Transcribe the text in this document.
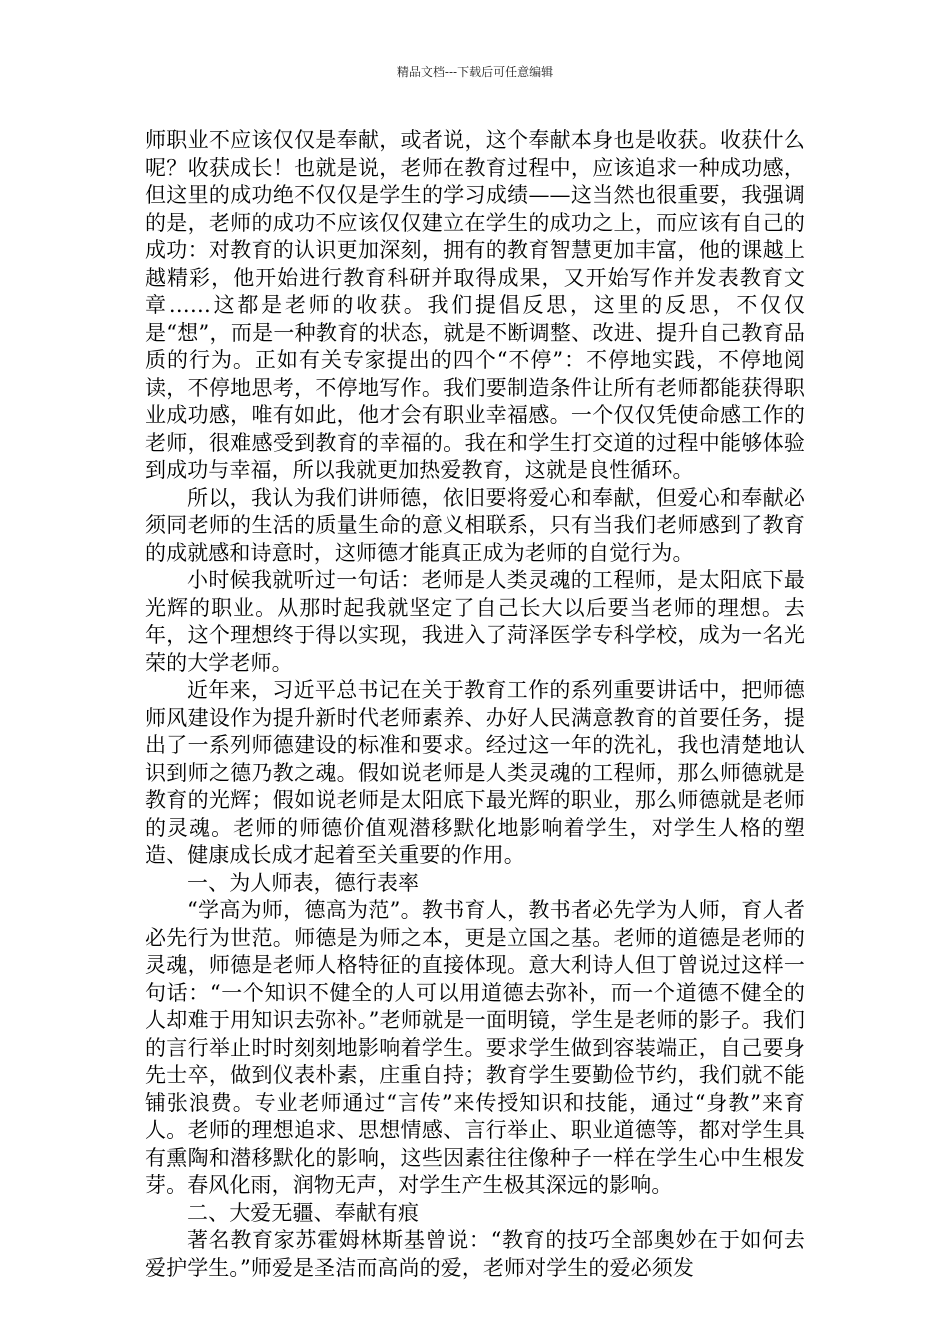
精品文档---下载后可任意编辑

师职业不应该仅仅是奉献，或者说，这个奉献本身也是收获。收获什么呢？收获成长！也就是说，老师在教育过程中，应该追求一种成功感，但这里的成功绝不仅仅是学生的学习成绩——这当然也很重要，我强调的是，老师的成功不应该仅仅建立在学生的成功之上，而应该有自己的成功：对教育的认识更加深刻，拥有的教育智慧更加丰富，他的课越上越精彩，他开始进行教育科研并取得成果，又开始写作并发表教育文章……这都是老师的收获。我们提倡反思，这里的反思，不仅仅是“想”，而是一种教育的状态，就是不断调整、改进、提升自己教育品质的行为。正如有关专家提出的四个“不停”：不停地实践，不停地阅读，不停地思考，不停地写作。我们要制造条件让所有老师都能获得职业成功感，唯有如此，他才会有职业幸福感。一个仅仅凭使命感工作的老师，很难感受到教育的幸福的。我在和学生打交道的过程中能够体验到成功与幸福，所以我就更加热爱教育，这就是良性循环。

所以，我认为我们讲师德，依旧要将爱心和奉献，但爱心和奉献必须同老师的生活的质量生命的意义相联系，只有当我们老师感到了教育的成就感和诗意时，这师德才能真正成为老师的自觉行为。

小时候我就听过一句话：老师是人类灵魂的工程师，是太阳底下最光辉的职业。从那时起我就坚定了自己长大以后要当老师的理想。去年，这个理想终于得以实现，我进入了菏泽医学专科学校，成为一名光荣的大学老师。

近年来，习近平总书记在关于教育工作的系列重要讲话中，把师德师风建设作为提升新时代老师素养、办好人民满意教育的首要任务，提出了一系列师德建设的标准和要求。经过这一年的洗礼，我也清楚地认识到师之德乃教之魂。假如说老师是人类灵魂的工程师，那么师德就是教育的光辉；假如说老师是太阳底下最光辉的职业，那么师德就是老师的灵魂。老师的师德价值观潜移默化地影响着学生，对学生人格的塑造、健康成长成才起着至关重要的作用。

一、为人师表，德行表率

“学高为师，德高为范”。教书育人，教书者必先学为人师，育人者必先行为世范。师德是为师之本，更是立国之基。老师的道德是老师的灵魂，师德是老师人格特征的直接体现。意大利诗人但丁曾说过这样一句话：“一个知识不健全的人可以用道德去弥补，而一个道德不健全的人却难于用知识去弥补。”老师就是一面明镜，学生是老师的影子。我们的言行举止时时刻刻地影响着学生。要求学生做到容装端正，自己要身先士卒，做到仪表朴素，庄重自持；教育学生要勤俭节约，我们就不能铺张浪费。专业老师通过“言传”来传授知识和技能，通过“身教”来育人。老师的理想追求、思想情感、言行举止、职业道德等，都对学生具有熏陶和潜移默化的影响，这些因素往往像种子一样在学生心中生根发芽。春风化雨，润物无声，对学生产生极其深远的影响。

二、大爱无疆、奉献有痕

著名教育家苏霍姆林斯基曾说：“教育的技巧全部奥妙在于如何去爱护学生。”师爱是圣洁而高尚的爱，老师对学生的爱必须发
